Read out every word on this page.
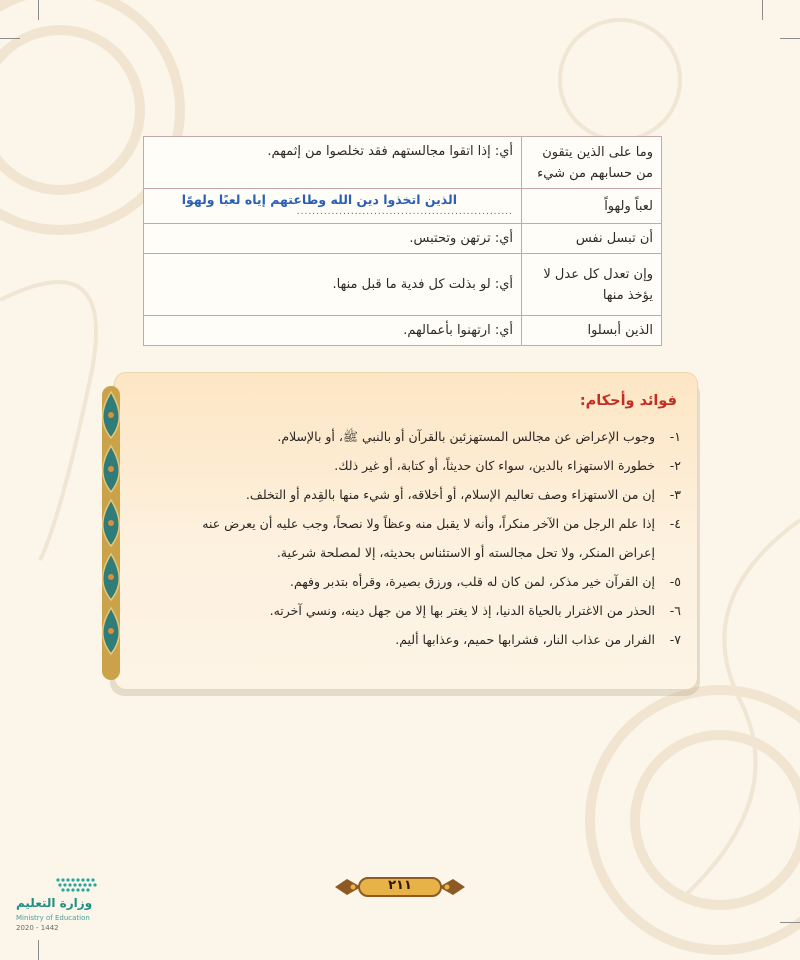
وما على الذين يتقون من حسابهم من شيء	أي: إذا اتقوا مجالستهم فقد تخلصوا من إثمهم.
لعباً ولهواً	الذين اتخذوا دين الله وطاعتهم إياه لعبًا ولهوًا
........................................................

أن تبسل نفس	أي: ترتهن وتحتبس.
وإن تعدل كل عدل لا يؤخذ منها	أي: لو بذلت كل فدية ما قبل منها.
الذين أبسلوا	أي: ارتهنوا بأعمالهم.
فوائد وأحكام:
١- وجوب الإعراض عن مجالس المستهزئين بالقرآن أو بالنبي ﷺ، أو بالإسلام.
٢- خطورة الاستهزاء بالدين، سواء كان حديثاً، أو كتابة، أو غير ذلك.
٣- إن من الاستهزاء وصف تعاليم الإسلام، أو أخلاقه، أو شيء منها بالقِدم أو التخلف.
٤- إذا علم الرجل من الآخر منكراً، وأنه لا يقبل منه وعظاً ولا نصحاً، وجب عليه أن يعرض عنه
إعراض المنكر، ولا تحل مجالسته أو الاستئناس بحديثه، إلا لمصلحة شرعية.
٥- إن القرآن خير مذكر، لمن كان له قلب، ورزق بصيرة، وقرأه بتدبر وفهم.
٦- الحذر من الاغترار بالحياة الدنيا، إذ لا يغتر بها إلا من جهل دينه، ونسي آخرته.
٧- الفرار من عذاب النار، فشرابها حميم، وعذابها أليم.
٢١١
وزارة التعليم
Ministry of Education
2020 - 1442
